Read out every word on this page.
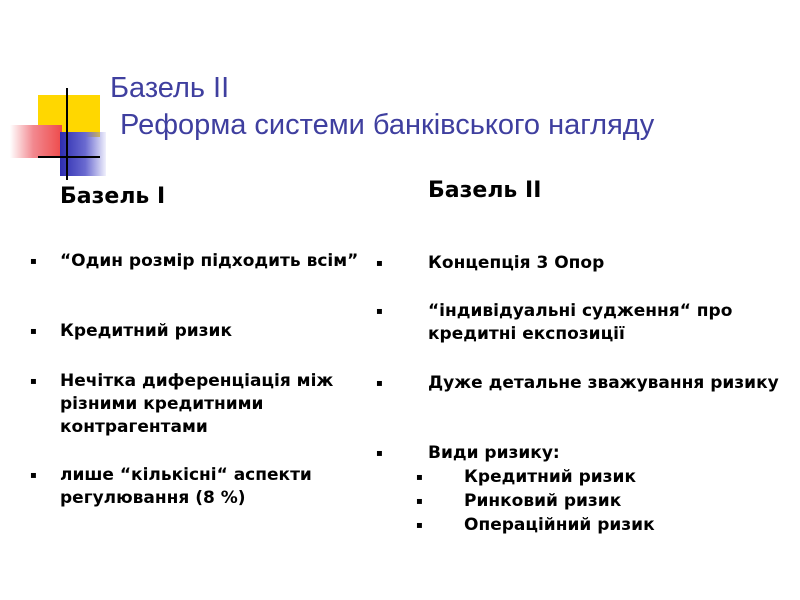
Базель II
Реформа системи банківського нагляду
Базель I
▪ “Один розмір підходить всім”
▪ Кредитний ризик
▪ Нечітка диференціація між різними кредитними контрагентами
▪ лише “кількісні“ аспекти регулювання (8 %)
Базель II
▪	Концепція 3 Опор
▪	“індивідуальні судження“ про кредитні експозиції
▪	Дуже детальне зважування ризику
▪	Види ризику:
▪ Кредитний ризик
▪ Ринковий ризик
▪ Операційний ризик
